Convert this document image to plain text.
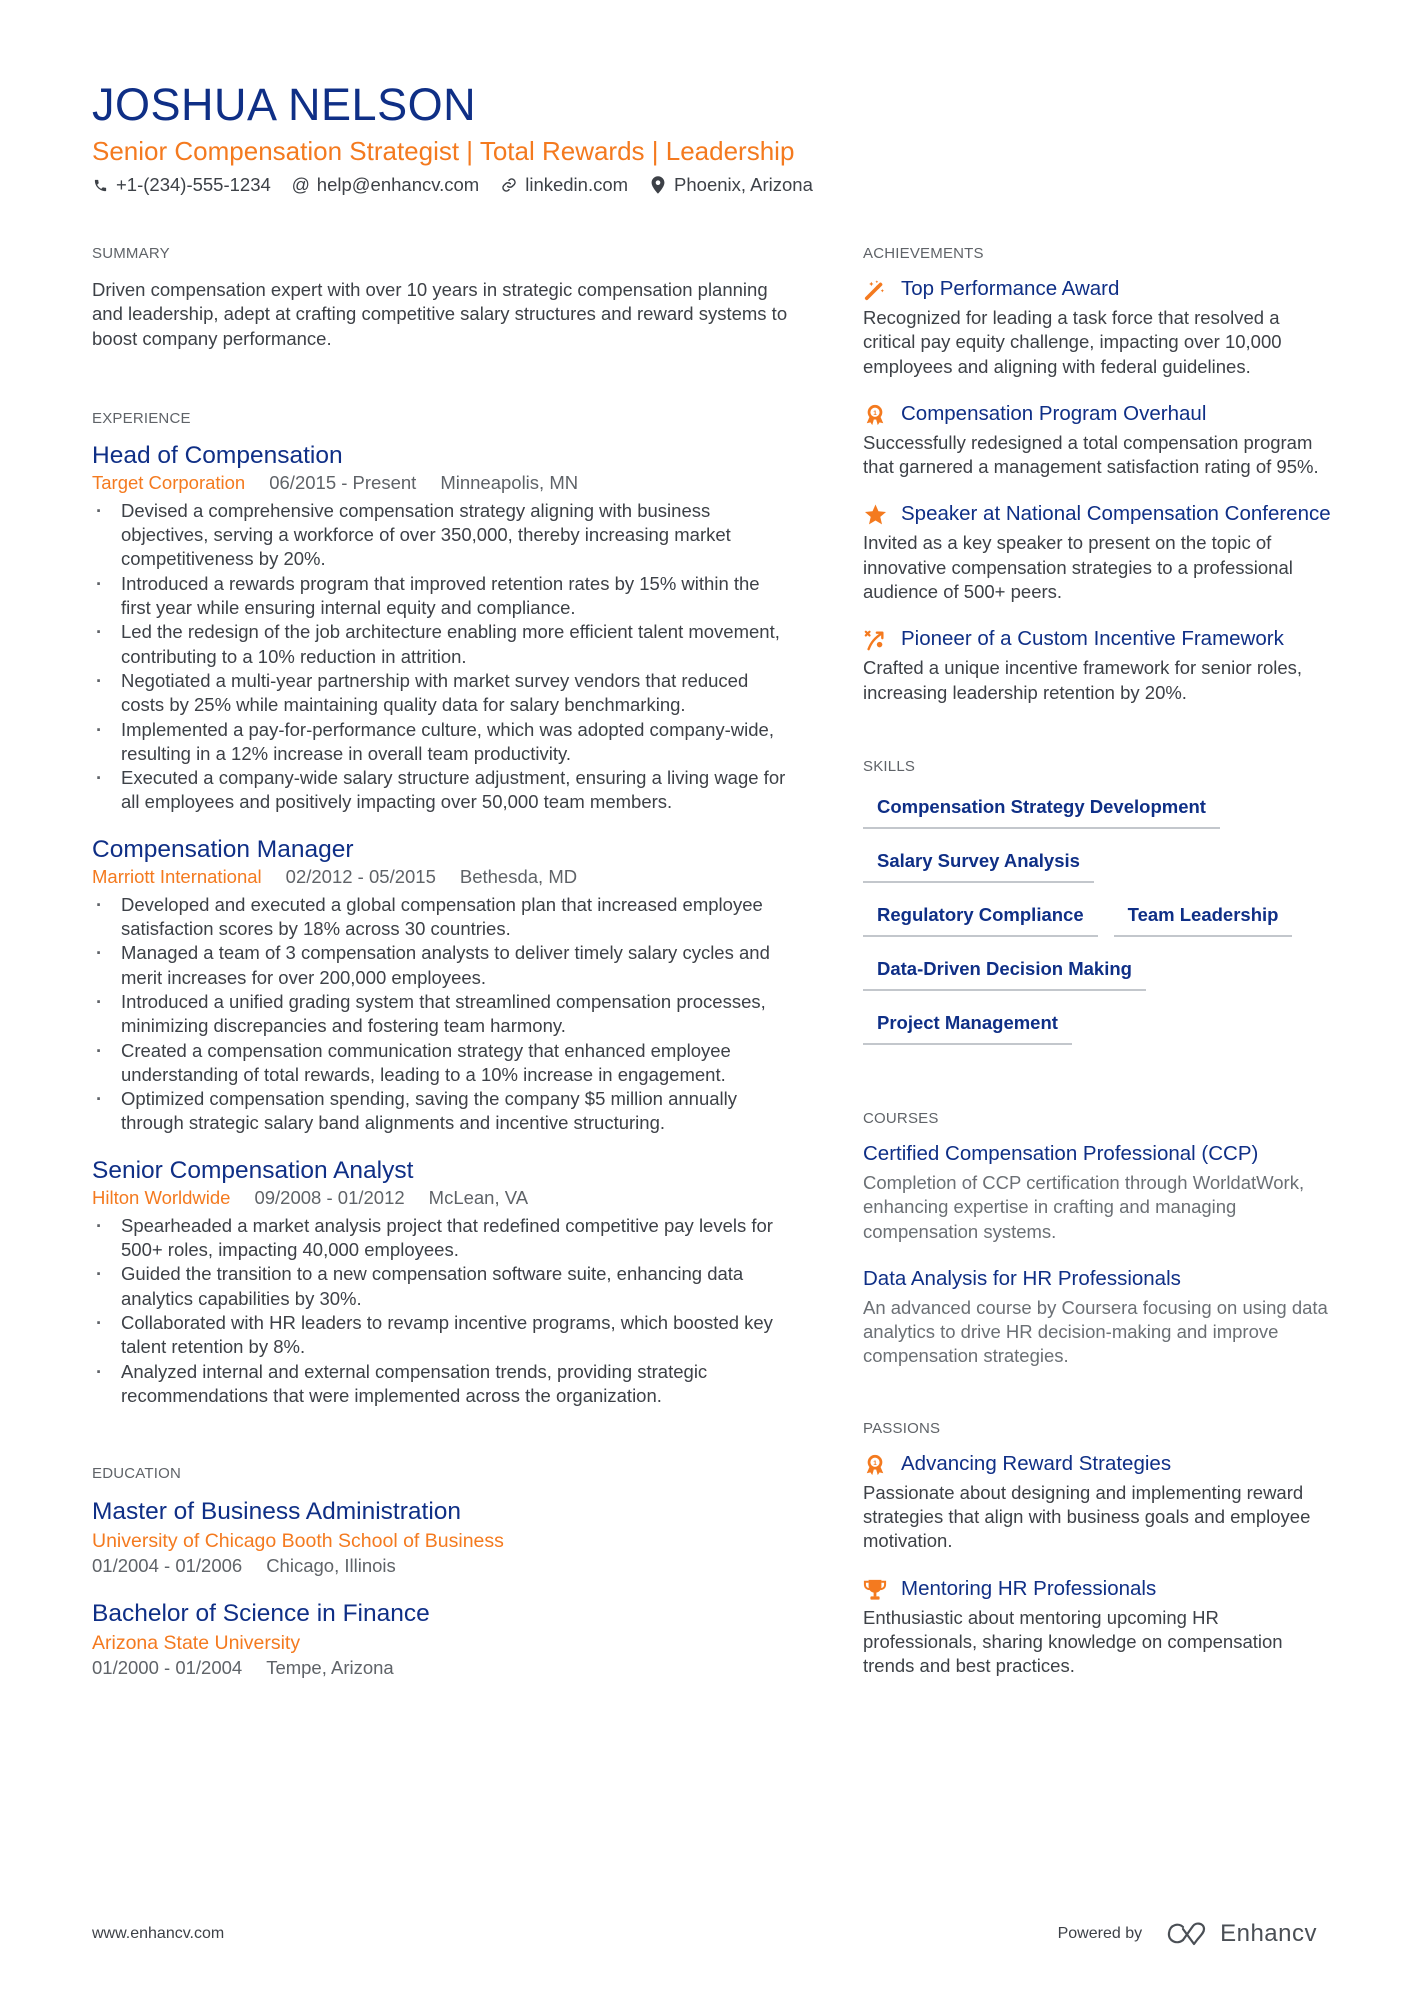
JOSHUA NELSON
Senior Compensation Strategist | Total Rewards | Leadership
+1-(234)-555-1234 @ help@enhancv.com linkedin.com Phoenix, Arizona
SUMMARY

Driven compensation expert with over 10 years in strategic compensation planning and leadership, adept at crafting competitive salary structures and reward systems to boost company performance.

EXPERIENCE
Head of Compensation
Target Corporation 06/2015 - Present Minneapolis, MN
· Devised a comprehensive compensation strategy aligning with business objectives, serving a workforce of over 350,000, thereby increasing market competitiveness by 20%.
· Introduced a rewards program that improved retention rates by 15% within the first year while ensuring internal equity and compliance.
· Led the redesign of the job architecture enabling more efficient talent movement, contributing to a 10% reduction in attrition.
· Negotiated a multi-year partnership with market survey vendors that reduced costs by 25% while maintaining quality data for salary benchmarking.
· Implemented a pay-for-performance culture, which was adopted company-wide, resulting in a 12% increase in overall team productivity.
· Executed a company-wide salary structure adjustment, ensuring a living wage for all employees and positively impacting over 50,000 team members.
Compensation Manager
Marriott International 02/2012 - 05/2015 Bethesda, MD
· Developed and executed a global compensation plan that increased employee satisfaction scores by 18% across 30 countries.
· Managed a team of 3 compensation analysts to deliver timely salary cycles and merit increases for over 200,000 employees.
· Introduced a unified grading system that streamlined compensation processes, minimizing discrepancies and fostering team harmony.
· Created a compensation communication strategy that enhanced employee understanding of total rewards, leading to a 10% increase in engagement.
· Optimized compensation spending, saving the company $5 million annually through strategic salary band alignments and incentive structuring.
Senior Compensation Analyst
Hilton Worldwide 09/2008 - 01/2012 McLean, VA
· Spearheaded a market analysis project that redefined competitive pay levels for 500+ roles, impacting 40,000 employees.
· Guided the transition to a new compensation software suite, enhancing data analytics capabilities by 30%.
· Collaborated with HR leaders to revamp incentive programs, which boosted key talent retention by 8%.
· Analyzed internal and external compensation trends, providing strategic recommendations that were implemented across the organization.
EDUCATION
Master of Business Administration
University of Chicago Booth School of Business
01/2004 - 01/2006 Chicago, Illinois
Bachelor of Science in Finance
Arizona State University
01/2000 - 01/2004 Tempe, Arizona
ACHIEVEMENTS
Top Performance Award
Recognized for leading a task force that resolved a critical pay equity challenge, impacting over 10,000 employees and aligning with federal guidelines.
1 Compensation Program Overhaul
Successfully redesigned a total compensation program that garnered a management satisfaction rating of 95%.
Speaker at National Compensation Conference
Invited as a key speaker to present on the topic of innovative compensation strategies to a professional audience of 500+ peers.
Pioneer of a Custom Incentive Framework
Crafted a unique incentive framework for senior roles, increasing leadership retention by 20%.
SKILLS
Compensation Strategy Development
Salary Survey Analysis
Regulatory Compliance	Team Leadership
Data-Driven Decision Making
Project Management
COURSES
Certified Compensation Professional (CCP)
Completion of CCP certification through WorldatWork, enhancing expertise in crafting and managing compensation systems.
Data Analysis for HR Professionals
An advanced course by Coursera focusing on using data analytics to drive HR decision-making and improve compensation strategies.
PASSIONS
1 Advancing Reward Strategies
Passionate about designing and implementing reward strategies that align with business goals and employee motivation.
Mentoring HR Professionals
Enthusiastic about mentoring upcoming HR professionals, sharing knowledge on compensation trends and best practices.
www.enhancv.com	Powered by	Enhancv
